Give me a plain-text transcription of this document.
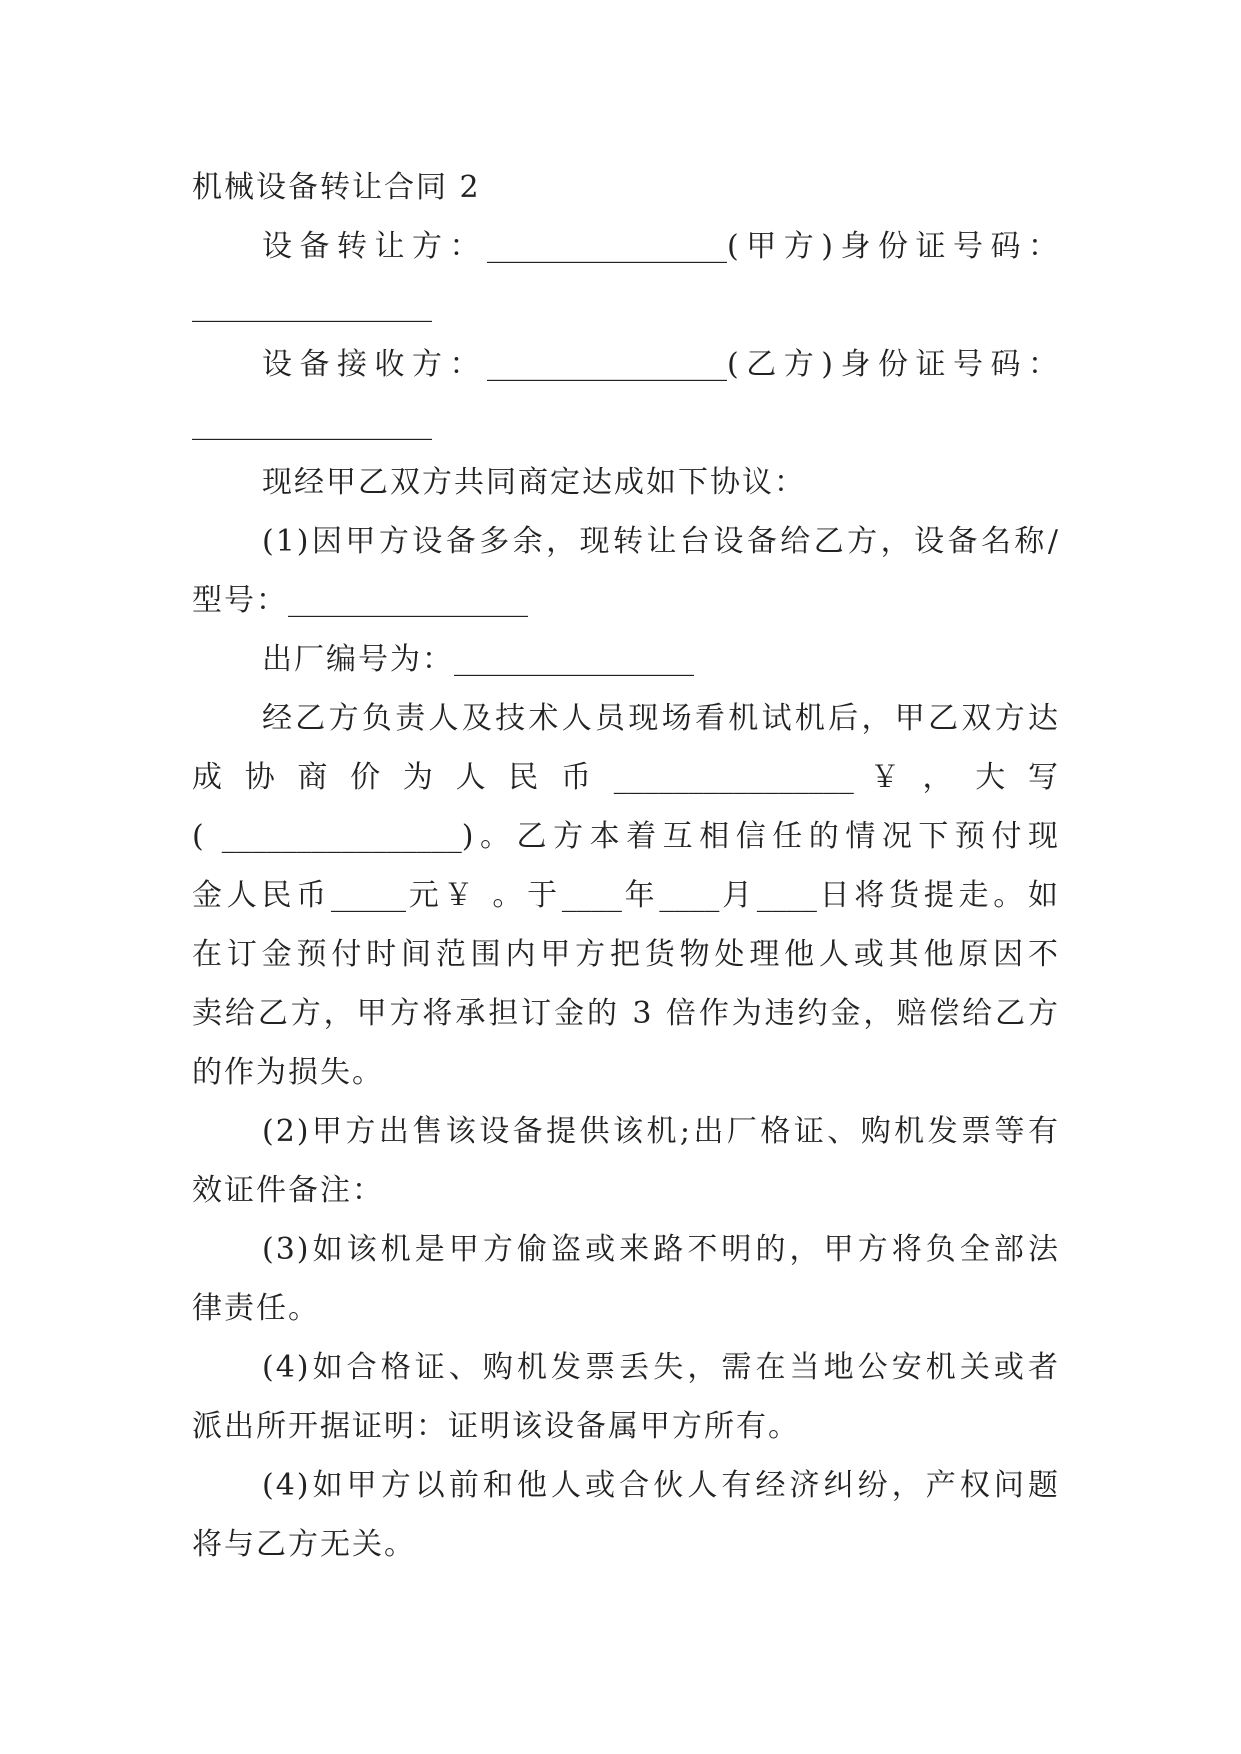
机械设备转让合同 2
设备转让方：________________(甲方)身份证号码：
________________
设备接收方：________________(乙方)身份证号码：
________________
现经甲乙双方共同商定达成如下协议：
(1)因甲方设备多余，现转让台设备给乙方，设备名称/
型号：________________
出厂编号为：________________
经乙方负责人及技术人员现场看机试机后，甲乙双方达
成 协 商 价 为 人 民 币 ________________ ￥ ， 大 写
( ________________)。乙方本着互相信任的情况下预付现
金人民币_____元￥ 。于____年____月____日将货提走。如
在订金预付时间范围内甲方把货物处理他人或其他原因不
卖给乙方，甲方将承担订金的 3 倍作为违约金，赔偿给乙方
的作为损失。
(2)甲方出售该设备提供该机;出厂格证、购机发票等有
效证件备注：
(3)如该机是甲方偷盗或来路不明的，甲方将负全部法
律责任。
(4)如合格证、购机发票丢失，需在当地公安机关或者
派出所开据证明：证明该设备属甲方所有。
(4)如甲方以前和他人或合伙人有经济纠纷，产权问题
将与乙方无关。
